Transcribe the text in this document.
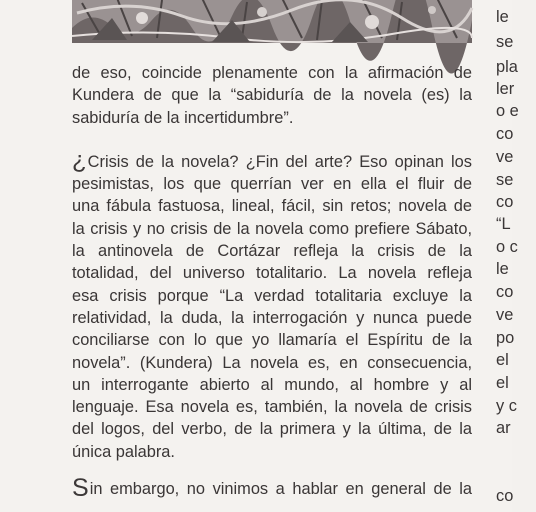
de eso, coincide plenamente con la afirmación de
Kundera de que la “sabiduría de la novela (es) la
sabiduría de la incertidumbre”.
¿Crisis de la novela? ¿Fin del arte? Eso opinan los
pesimistas, los que querrían ver en ella el fluir de
una fábula fastuosa, lineal, fácil, sin retos; novela de
la crisis y no crisis de la novela como prefiere Sábato,
la antinovela de Cortázar refleja la crisis de la
totalidad, del universo totalitario. La novela refleja
esa crisis porque “La verdad totalitaria excluye la
relatividad, la duda, la interrogación y nunca puede
conciliarse con lo que yo llamaría el Espíritu de la
novela”. (Kundera) La novela es, en consecuencia,
un interrogante abierto al mundo, al hombre y al
lenguaje. Esa novela es, también, la novela de crisis
del logos, del verbo, de la primera y la última, de la
única palabra.
Sin embargo, no vinimos a hablar en general de la
le
se
pla
ler
o e
co
ve
se
co
“L
o c
le
co
ve
po
el
el
y c
ar
co
